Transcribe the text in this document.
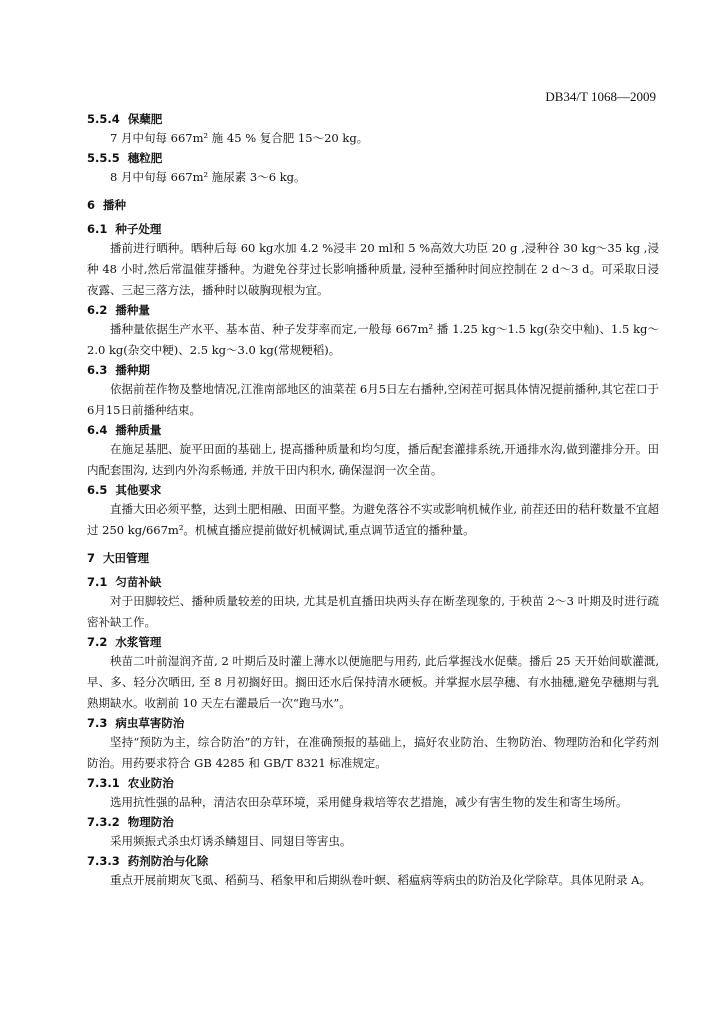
DB34/T 1068—2009
5.5.4  保蘖肥
7 月中旬每 667m² 施 45 % 复合肥 15～20 kg。
5.5.5  穗粒肥
8 月中旬每 667m² 施尿素 3～6 kg。
6  播种
6.1  种子处理
播前进行晒种。晒种后每 60 kg水加 4.2 %浸丰 20 ml和 5 %高效大功臣 20 g ,浸种谷 30 kg～35 kg ,浸种 48 小时,然后常温催芽播种。为避免谷芽过长影响播种质量, 浸种至播种时间应控制在 2 d～3 d。可采取日浸夜露、三起三落方法，播种时以破胸现根为宜。
6.2  播种量
播种量依据生产水平、基本苗、种子发芽率而定,一般每 667m² 播 1.25 kg～1.5 kg(杂交中籼)、1.5 kg～2.0 kg(杂交中粳)、2.5 kg～3.0 kg(常规粳稻)。
6.3  播种期
依据前茬作物及整地情况,江淮南部地区的油菜茬 6月5日左右播种,空闲茬可据具体情况提前播种,其它茬口于 6月15日前播种结束。
6.4  播种质量
在施足基肥、旋平田面的基础上, 提高播种质量和均匀度，播后配套灌排系统,开通排水沟,做到灌排分开。田内配套围沟, 达到内外沟系畅通, 并放干田内积水, 确保湿润一次全苗。
6.5  其他要求
直播大田必须平整，达到土肥相融、田面平整。为避免落谷不实或影响机械作业, 前茬还田的秸秆数量不宜超过 250 kg/667m²。机械直播应提前做好机械调试,重点调节适宜的播种量。
7  大田管理
7.1  匀苗补缺
对于田脚较烂、播种质量较差的田块, 尤其是机直播田块两头存在断垄现象的, 于秧苗 2～3 叶期及时进行疏密补缺工作。
7.2  水浆管理
秧苗二叶前湿润齐苗, 2 叶期后及时灌上薄水以便施肥与用药, 此后掌握浅水促蘖。播后 25 天开始间歇灌溉, 早、多、轻分次晒田, 至 8 月初搁好田。搁田还水后保持清水硬板。并掌握水层孕穗、有水抽穗,避免孕穗期与乳熟期缺水。收割前 10 天左右灌最后一次“跑马水”。
7.3  病虫草害防治
坚持“预防为主，综合防治”的方针，在准确预报的基础上，搞好农业防治、生物防治、物理防治和化学药剂防治。用药要求符合 GB 4285 和 GB/T 8321 标准规定。
7.3.1  农业防治
选用抗性强的品种，清洁农田杂草环境，采用健身栽培等农艺措施，减少有害生物的发生和寄生场所。
7.3.2  物理防治
采用频振式杀虫灯诱杀鳞翅目、同翅目等害虫。
7.3.3  药剂防治与化除
重点开展前期灰飞虱、稻蓟马、稻象甲和后期纵卷叶螟、稻瘟病等病虫的防治及化学除草。具体见附录 A。
